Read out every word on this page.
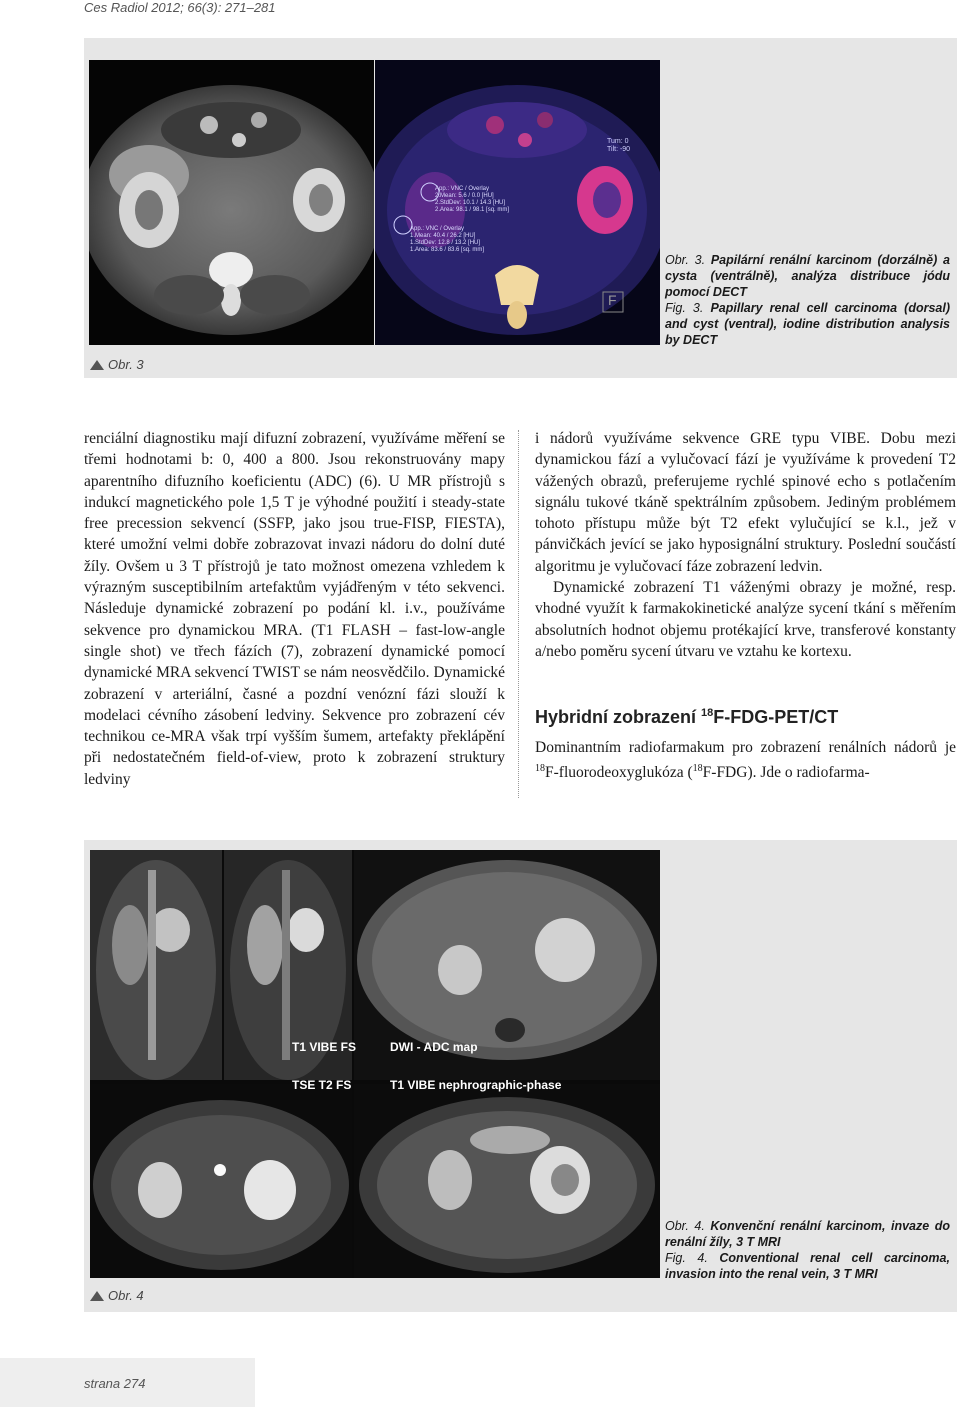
Ces Radiol 2012; 66(3): 271–281
Tum: 0
Tilt: -90
App.: VNC / Overlay
2.Mean: 5.6 / 0.0 [HU]
2.StdDev: 10.1 / 14.3 [HU]
2.Area: 98.1 / 98.1 [sq. mm]
App.: VNC / Overlay
1.Mean: 40.4 / 26.2 [HU]
1.StdDev: 12.8 / 13.2 [HU]
1.Area: 83.6 / 83.6 [sq. mm]
F
Obr. 3
Obr. 3. Papilární renální karcinom (dorzálně) a cysta (ventrálně), analýza distribuce jódu pomocí DECT
Fig. 3. Papillary renal cell carcinoma (dorsal) and cyst (ventral), iodine distribution analysis by DECT

renciální diagnostiku mají difuzní zobrazení, využíváme měření se třemi hodnotami b: 0, 400 a 800. Jsou rekonstruovány mapy aparentního difuzního koeficientu (ADC) (6). U MR přístrojů s indukcí magnetického pole 1,5 T je výhodné použití i steady-state free precession sekvencí (SSFP, jako jsou true-FISP, FIESTA), které umožní velmi dobře zobrazovat invazi nádoru do dolní duté žíly. Ovšem u 3 T přístrojů je tato možnost omezena vzhledem k výrazným susceptibilním artefaktům vyjádřeným v této sekvenci. Následuje dynamické zobrazení po podání kl. i.v., používáme sekvence pro dynamickou MRA. (T1 FLASH – fast-low-angle single shot) ve třech fázích (7), zobrazení dynamické pomocí dynamické MRA sekvencí TWIST se nám neosvědčilo. Dynamické zobrazení v arteriální, časné a pozdní venózní fázi slouží k modelaci cévního zásobení ledviny. Sekvence pro zobrazení cév technikou ce-MRA však trpí vyšším šumem, artefakty překlápění při nedostatečném field-of-view, proto k zobrazení struktury ledviny

i nádorů využíváme sekvence GRE typu VIBE. Dobu mezi dynamickou fází a vylučovací fází je využíváme k provedení T2 vážených obrazů, preferujeme rychlé spinové echo s potlačením signálu tukové tkáně spektrálním způsobem. Jediným problémem tohoto přístupu může být T2 efekt vylučující se k.l., jež v pánvičkách jevící se jako hyposignální struktury. Poslední součástí algoritmu je vylučovací fáze zobrazení ledvin.

Dynamické zobrazení T1 váženými obrazy je možné, resp. vhodné využít k farmakokinetické analýze sycení tkání s měřením absolutních hodnot objemu protékající krve, transferové konstanty a/nebo poměru sycení útvaru ve vztahu ke kortexu.

Hybridní zobrazení $^{18}$F-FDG-PET/CT

Dominantním radiofarmakum pro zobrazení renálních nádorů je $^{18}$F-fluorodeoxyglukóza ($^{18}$F-FDG). Jde o radiofarma-

T1 VIBE FS	DWI - ADC map
TSE T2 FS	T1 VIBE nephrographic-phase
Obr. 4
Obr. 4. Konvenční renální karcinom, invaze do renální žíly, 3 T MRI
Fig. 4. Conventional renal cell carcinoma, invasion into the renal vein, 3 T MRI
strana 274
